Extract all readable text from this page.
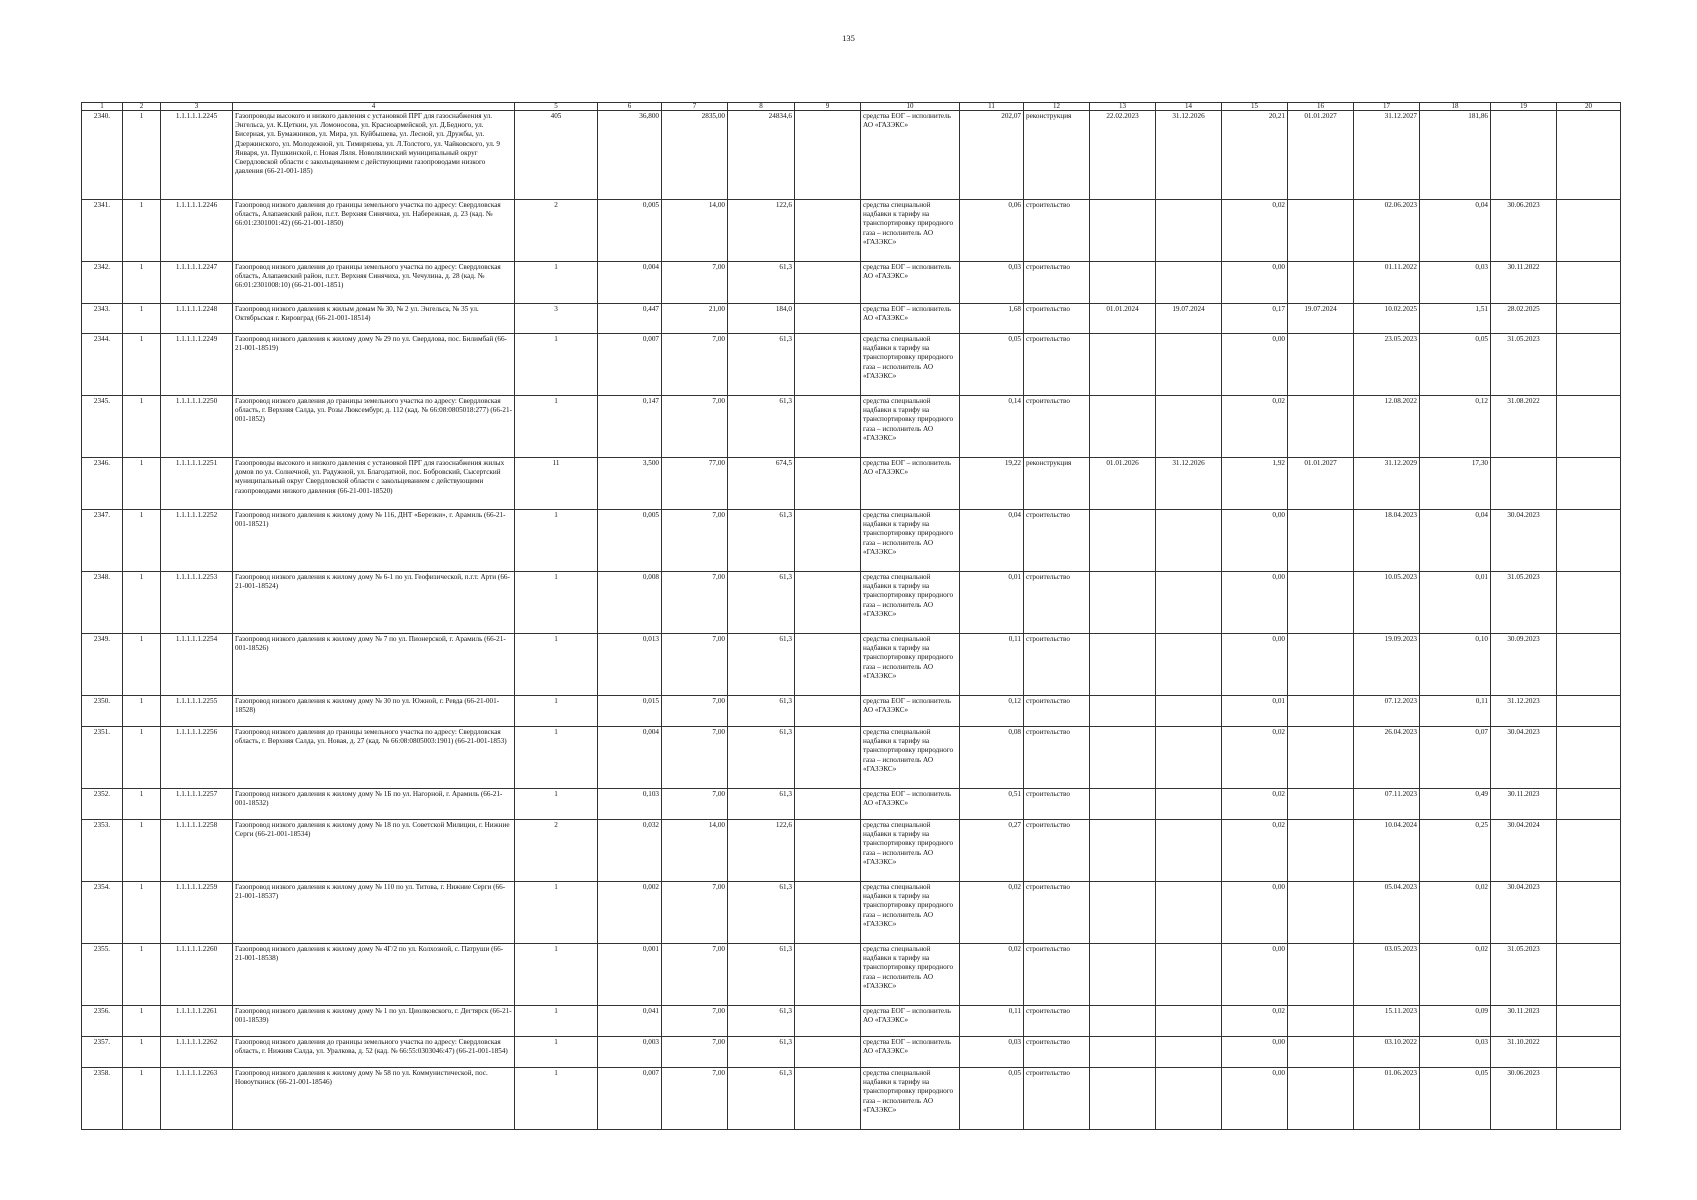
135
1	2	3	4	5	6	7	8	9	10	11	12	13	14	15	16	17	18	19	20
2340.	1	1.1.1.1.1.2245	Газопроводы высокого и низкого давления с установкой ПРГ для газоснабжения ул. Энгельса, ул. К.Цеткин, ул. Ломоносова, ул. Красноармейской, ул. Д.Бедного, ул. Бисерная, ул. Бумажников, ул. Мира, ул. Куйбышева, ул. Лесной, ул. Дружбы, ул. Дзержинского, ул. Молодежной, ул. Тимирязева, ул. Л.Толстого, ул. Чайковского, ул. 9 Января, ул. Пушкинской, г. Новая Ляля. Новолялинский муниципальный округ Свердловской области с закольцеванием с действующими газопроводами низкого давления (66-21-001-185)	405	36,800	2835,00	24834,6		средства ЕОГ – исполнитель АО «ГАЗЭКС»	202,07	реконструкция	22.02.2023	31.12.2026	20,21	01.01.2027	31.12.2027	181,86		
2341.	1	1.1.1.1.1.2246	Газопровод низкого давления до границы земельного участка по адресу: Свердловская область, Алапаевский район, п.г.т. Верхняя Синячиха, ул. Набережная, д. 23 (кад. № 66:01:2301001:42) (66-21-001-1850)	2	0,005	14,00	122,6		средства специальной надбавки к тарифу на транспортировку природного газа – исполнитель АО «ГАЗЭКС»	0,06	строительство			0,02		02.06.2023	0,04	30.06.2023	
2342.	1	1.1.1.1.1.2247	Газопровод низкого давления до границы земельного участка по адресу: Свердловская область, Алапаевский район, п.г.т. Верхняя Синячиха, ул. Чечулина, д. 28 (кад. № 66:01:2301008:10) (66-21-001-1851)	1	0,004	7,00	61,3		средства ЕОГ – исполнитель АО «ГАЗЭКС»	0,03	строительство			0,00		01.11.2022	0,03	30.11.2022	
2343.	1	1.1.1.1.1.2248	Газопровод низкого давления к жилым домам № 30, № 2 ул. Энгельса, № 35 ул. Октябрьская г. Кировград (66-21-001-18514)	3	0,447	21,00	184,0		средства ЕОГ – исполнитель АО «ГАЗЭКС»	1,68	строительство	01.01.2024	19.07.2024	0,17	19.07.2024	10.02.2025	1,51	28.02.2025	
2344.	1	1.1.1.1.1.2249	Газопровод низкого давления к жилому дому № 29 по ул. Свердлова, пос. Билимбай (66-21-001-18519)	1	0,007	7,00	61,3		средства специальной надбавки к тарифу на транспортировку природного газа – исполнитель АО «ГАЗЭКС»	0,05	строительство			0,00		23.05.2023	0,05	31.05.2023	
2345.	1	1.1.1.1.1.2250	Газопровод низкого давления до границы земельного участка по адресу: Свердловская область, г. Верхняя Салда, ул. Розы Люксембург, д. 112 (кад. № 66:08:0805018:277) (66-21-001-1852)	1	0,147	7,00	61,3		средства специальной надбавки к тарифу на транспортировку природного газа – исполнитель АО «ГАЗЭКС»	0,14	строительство			0,02		12.08.2022	0,12	31.08.2022	
2346.	1	1.1.1.1.1.2251	Газопроводы высокого и низкого давления с установкой ПРГ для газоснабжения жилых домов по ул. Солнечной, ул. Радужной, ул. Благодатной, пос. Бобровский, Сысертский муниципальный округ Свердловской области с закольцеванием с действующими газопроводами низкого давления (66-21-001-18520)	11	3,500	77,00	674,5		средства ЕОГ – исполнитель АО «ГАЗЭКС»	19,22	реконструкция	01.01.2026	31.12.2026	1,92	01.01.2027	31.12.2029	17,30		
2347.	1	1.1.1.1.1.2252	Газопровод низкого давления к жилому дому № 116, ДНТ «Березки», г. Арамиль (66-21-001-18521)	1	0,005	7,00	61,3		средства специальной надбавки к тарифу на транспортировку природного газа – исполнитель АО «ГАЗЭКС»	0,04	строительство			0,00		18.04.2023	0,04	30.04.2023	
2348.	1	1.1.1.1.1.2253	Газопровод низкого давления к жилому дому № 6-1 по ул. Геофизической, п.г.т. Арти (66-21-001-18524)	1	0,008	7,00	61,3		средства специальной надбавки к тарифу на транспортировку природного газа – исполнитель АО «ГАЗЭКС»	0,01	строительство			0,00		10.05.2023	0,01	31.05.2023	
2349.	1	1.1.1.1.1.2254	Газопровод низкого давления к жилому дому № 7 по ул. Пионерской, г. Арамиль (66-21-001-18526)	1	0,013	7,00	61,3		средства специальной надбавки к тарифу на транспортировку природного газа – исполнитель АО «ГАЗЭКС»	0,11	строительство			0,00		19.09.2023	0,10	30.09.2023	
2350.	1	1.1.1.1.1.2255	Газопровод низкого давления к жилому дому № 30 по ул. Южной, г. Ревда (66-21-001-18528)	1	0,015	7,00	61,3		средства ЕОГ – исполнитель АО «ГАЗЭКС»	0,12	строительство			0,01		07.12.2023	0,11	31.12.2023	
2351.	1	1.1.1.1.1.2256	Газопровод низкого давления до границы земельного участка по адресу: Свердловская область, г. Верхняя Салда, ул. Новая, д. 27 (кад. № 66:08:0805003:1901) (66-21-001-1853)	1	0,004	7,00	61,3		средства специальной надбавки к тарифу на транспортировку природного газа – исполнитель АО «ГАЗЭКС»	0,08	строительство			0,02		26.04.2023	0,07	30.04.2023	
2352.	1	1.1.1.1.1.2257	Газопровод низкого давления к жилому дому № 1Б по ул. Нагорной, г. Арамиль (66-21-001-18532)	1	0,103	7,00	61,3		средства ЕОГ – исполнитель АО «ГАЗЭКС»	0,51	строительство			0,02		07.11.2023	0,49	30.11.2023	
2353.	1	1.1.1.1.1.2258	Газопровод низкого давления к жилому дому № 18 по ул. Советской Милиции, г. Нижние Серги (66-21-001-18534)	2	0,032	14,00	122,6		средства специальной надбавки к тарифу на транспортировку природного газа – исполнитель АО «ГАЗЭКС»	0,27	строительство			0,02		10.04.2024	0,25	30.04.2024	
2354.	1	1.1.1.1.1.2259	Газопровод низкого давления к жилому дому № 110 по ул. Титова, г. Нижние Серги (66-21-001-18537)	1	0,002	7,00	61,3		средства специальной надбавки к тарифу на транспортировку природного газа – исполнитель АО «ГАЗЭКС»	0,02	строительство			0,00		05.04.2023	0,02	30.04.2023	
2355.	1	1.1.1.1.1.2260	Газопровод низкого давления к жилому дому № 4Г/2 по ул. Колхозной, с. Патруши (66-21-001-18538)	1	0,001	7,00	61,3		средства специальной надбавки к тарифу на транспортировку природного газа – исполнитель АО «ГАЗЭКС»	0,02	строительство			0,00		03.05.2023	0,02	31.05.2023	
2356.	1	1.1.1.1.1.2261	Газопровод низкого давления к жилому дому № 1 по ул. Циолковского, г. Дегтярск (66-21-001-18539)	1	0,041	7,00	61,3		средства ЕОГ – исполнитель АО «ГАЗЭКС»	0,11	строительство			0,02		15.11.2023	0,09	30.11.2023	
2357.	1	1.1.1.1.1.2262	Газопровод низкого давления до границы земельного участка по адресу: Свердловская область, г. Нижняя Салда, ул. Уралкова, д. 52 (кад. № 66:55:0303046:47) (66-21-001-1854)	1	0,003	7,00	61,3		средства ЕОГ – исполнитель АО «ГАЗЭКС»	0,03	строительство			0,00		03.10.2022	0,03	31.10.2022	
2358.	1	1.1.1.1.1.2263	Газопровод низкого давления к жилому дому № 58 по ул. Коммунистической, пос. Новоуткинск (66-21-001-18546)	1	0,007	7,00	61,3		средства специальной надбавки к тарифу на транспортировку природного газа – исполнитель АО «ГАЗЭКС»	0,05	строительство			0,00		01.06.2023	0,05	30.06.2023	
